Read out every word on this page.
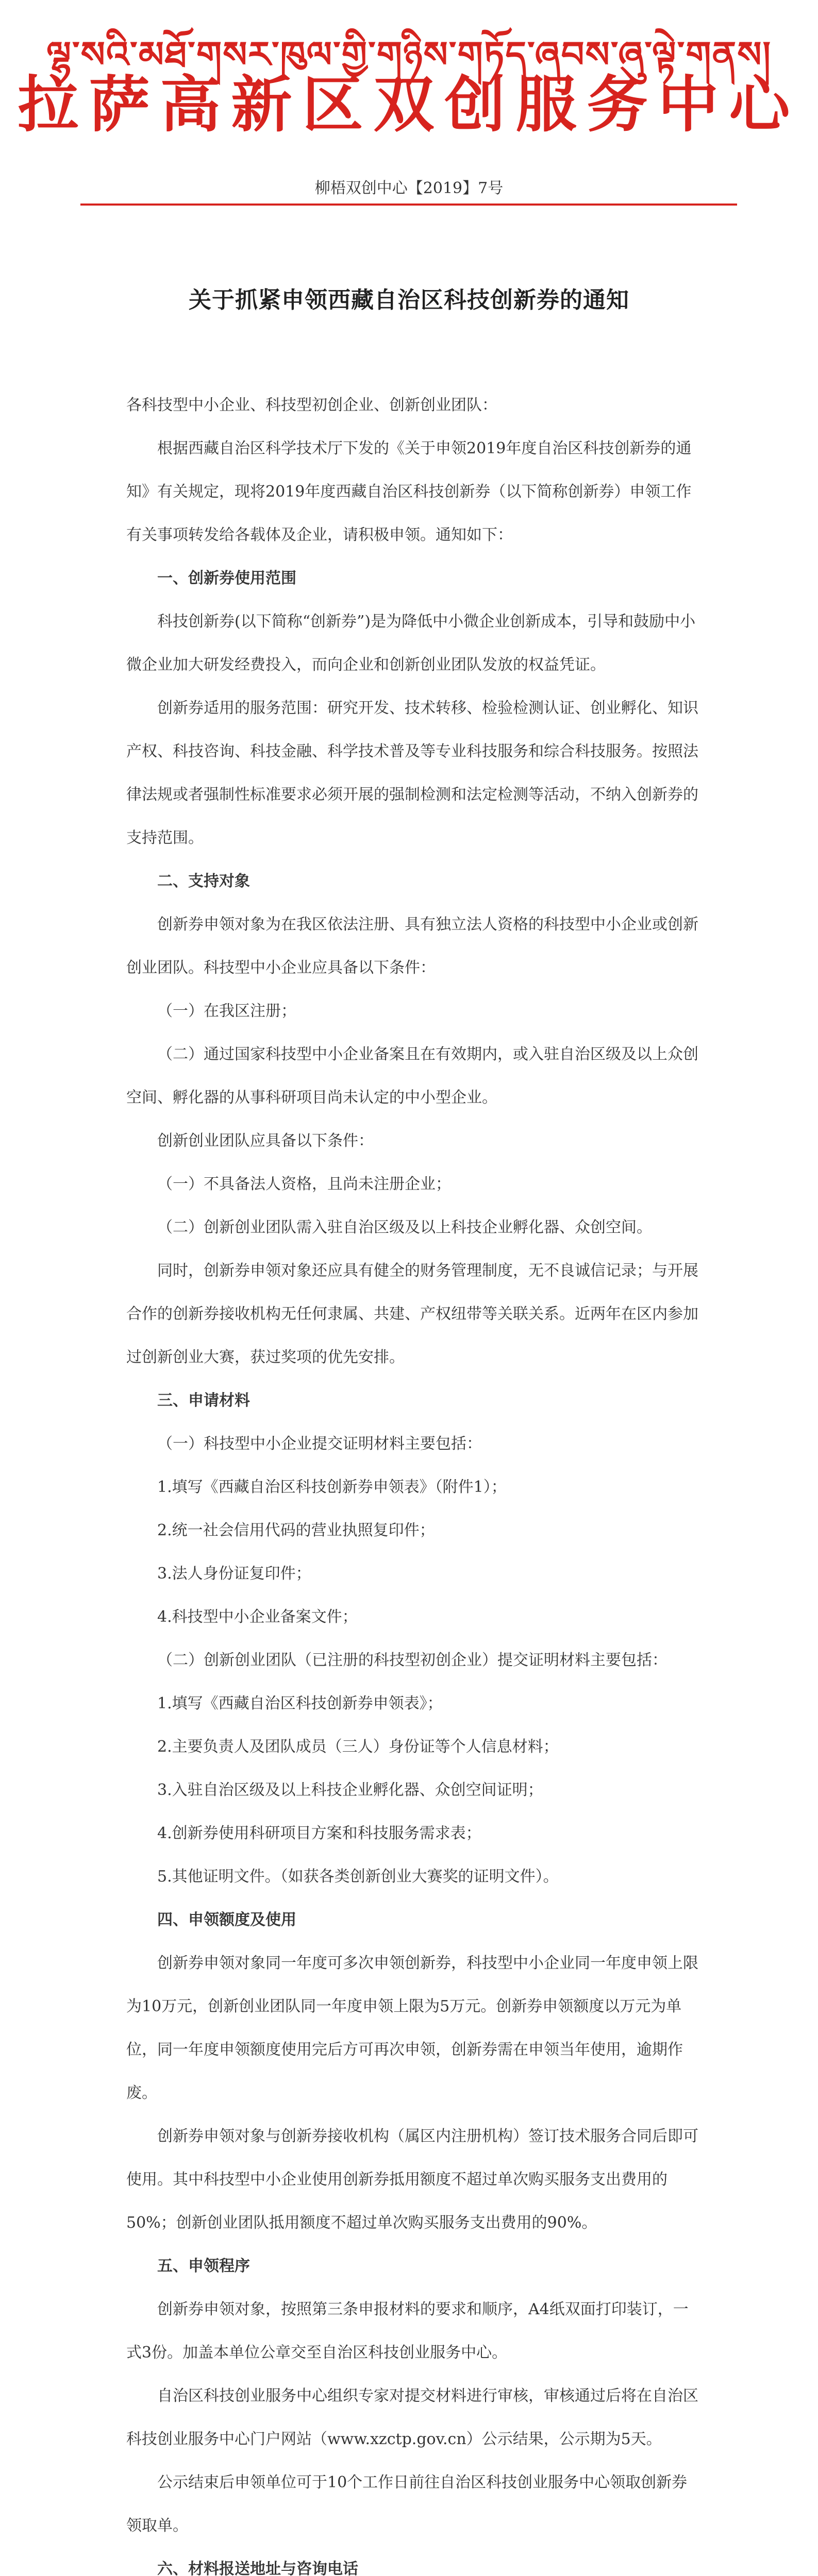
ལྷ་སའི་མཐོ་གསར་ཁུལ་གྱི་གཉིས་གཏོད་ཞབས་ཞུ་ལྟེ་གནས།
拉萨高新区双创服务中心
柳梧双创中心【2019】7号
关于抓紧申领西藏自治区科技创新券的通知

各科技型中小企业、科技型初创企业、创新创业团队：

根据西藏自治区科学技术厅下发的《关于申领2019年度自治区科技创新券的通知》有关规定，现将2019年度西藏自治区科技创新券（以下简称创新券）申领工作有关事项转发给各载体及企业，请积极申领。通知如下：

一、创新券使用范围

科技创新券(以下简称“创新券”)是为降低中小微企业创新成本，引导和鼓励中小微企业加大研发经费投入，而向企业和创新创业团队发放的权益凭证。

创新券适用的服务范围：研究开发、技术转移、检验检测认证、创业孵化、知识产权、科技咨询、科技金融、科学技术普及等专业科技服务和综合科技服务。按照法律法规或者强制性标准要求必须开展的强制检测和法定检测等活动，不纳入创新券的支持范围。

二、支持对象

创新券申领对象为在我区依法注册、具有独立法人资格的科技型中小企业或创新创业团队。科技型中小企业应具备以下条件：

（一）在我区注册；

（二）通过国家科技型中小企业备案且在有效期内，或入驻自治区级及以上众创空间、孵化器的从事科研项目尚未认定的中小型企业。

创新创业团队应具备以下条件：

（一）不具备法人资格，且尚未注册企业；

（二）创新创业团队需入驻自治区级及以上科技企业孵化器、众创空间。

同时，创新券申领对象还应具有健全的财务管理制度，无不良诚信记录；与开展合作的创新券接收机构无任何隶属、共建、产权纽带等关联关系。近两年在区内参加过创新创业大赛，获过奖项的优先安排。

三、申请材料

（一）科技型中小企业提交证明材料主要包括：

1.填写《西藏自治区科技创新券申领表》（附件1）；

2.统一社会信用代码的营业执照复印件；

3.法人身份证复印件；

4.科技型中小企业备案文件；

（二）创新创业团队（已注册的科技型初创企业）提交证明材料主要包括：

1.填写《西藏自治区科技创新券申领表》；

2.主要负责人及团队成员（三人）身份证等个人信息材料；

3.入驻自治区级及以上科技企业孵化器、众创空间证明；

4.创新券使用科研项目方案和科技服务需求表；

5.其他证明文件。（如获各类创新创业大赛奖的证明文件）。

四、申领额度及使用

创新券申领对象同一年度可多次申领创新券，科技型中小企业同一年度申领上限为10万元，创新创业团队同一年度申领上限为5万元。创新券申领额度以万元为单位，同一年度申领额度使用完后方可再次申领，创新券需在申领当年使用，逾期作废。

创新券申领对象与创新券接收机构（属区内注册机构）签订技术服务合同后即可使用。其中科技型中小企业使用创新券抵用额度不超过单次购买服务支出费用的50%；创新创业团队抵用额度不超过单次购买服务支出费用的90%。

五、申领程序

创新券申领对象，按照第三条申报材料的要求和顺序，A4纸双面打印装订，一式3份。加盖本单位公章交至自治区科技创业服务中心。

自治区科技创业服务中心组织专家对提交材料进行审核，审核通过后将在自治区科技创业服务中心门户网站（www.xzctp.gov.cn）公示结果，公示期为5天。

公示结束后申领单位可于10个工作日前往自治区科技创业服务中心领取创新券领取单。

六、材料报送地址与咨询电话
